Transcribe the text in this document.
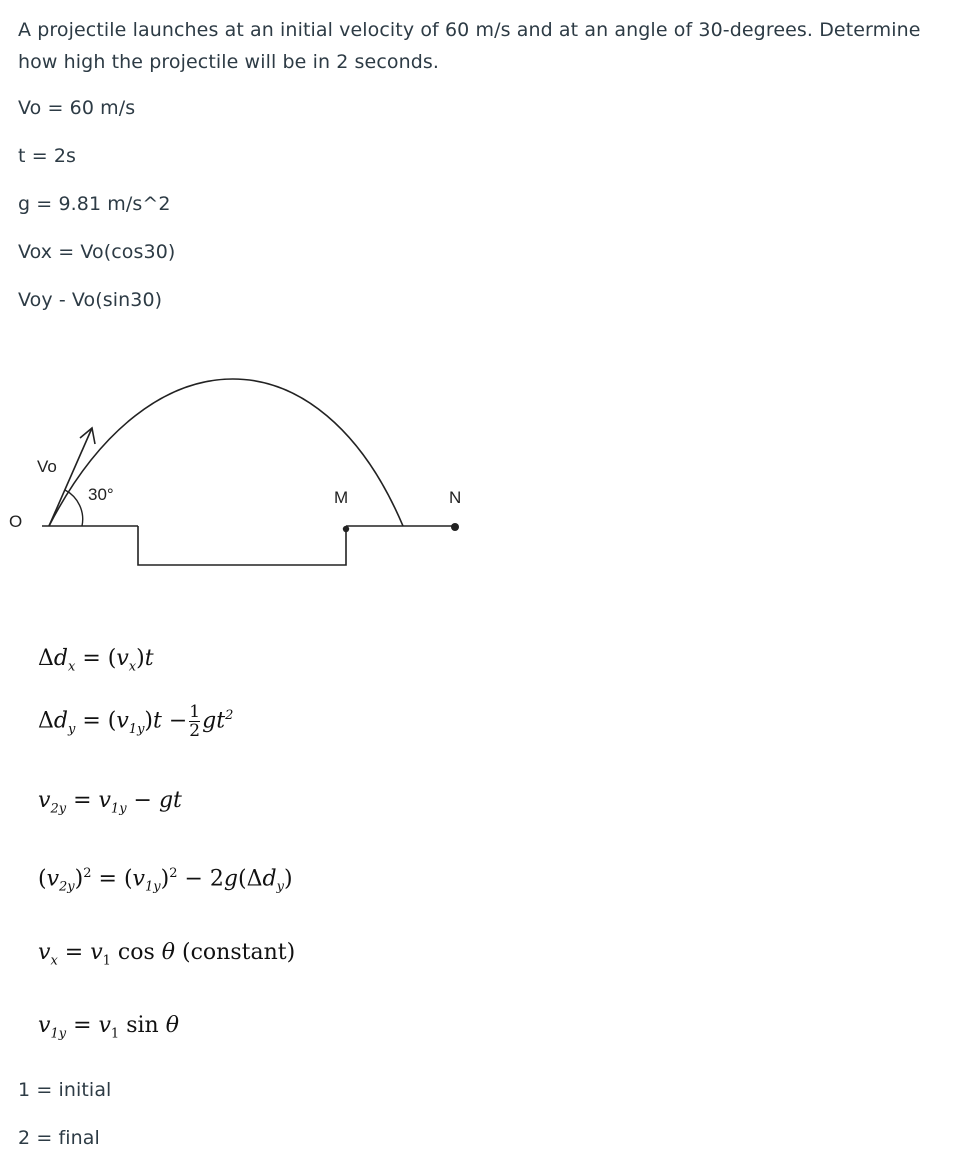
A projectile launches at an initial velocity of 60 m/s and at an angle of 30-degrees. Determine how high the projectile will be in 2 seconds.
Vo = 60 m/s
t = 2s
g = 9.81 m/s^2
Vox = Vo(cos30)
Voy - Vo(sin30)
Vo
30°
O
M	N
$\Delta d_x = (v_x)t$
$\Delta d_y = (v_{1y})t - \frac{1}{2} gt^2$
$v_{2y} = v_{1y}$ − gt
$(v_{2y})^2 = (v_{1y})^2 - 2g(\Delta d_y)$
$v_x = v_1$ cos θ (constant)
$v_{1y} = v_1$ sin θ
1 = initial
2 = final
